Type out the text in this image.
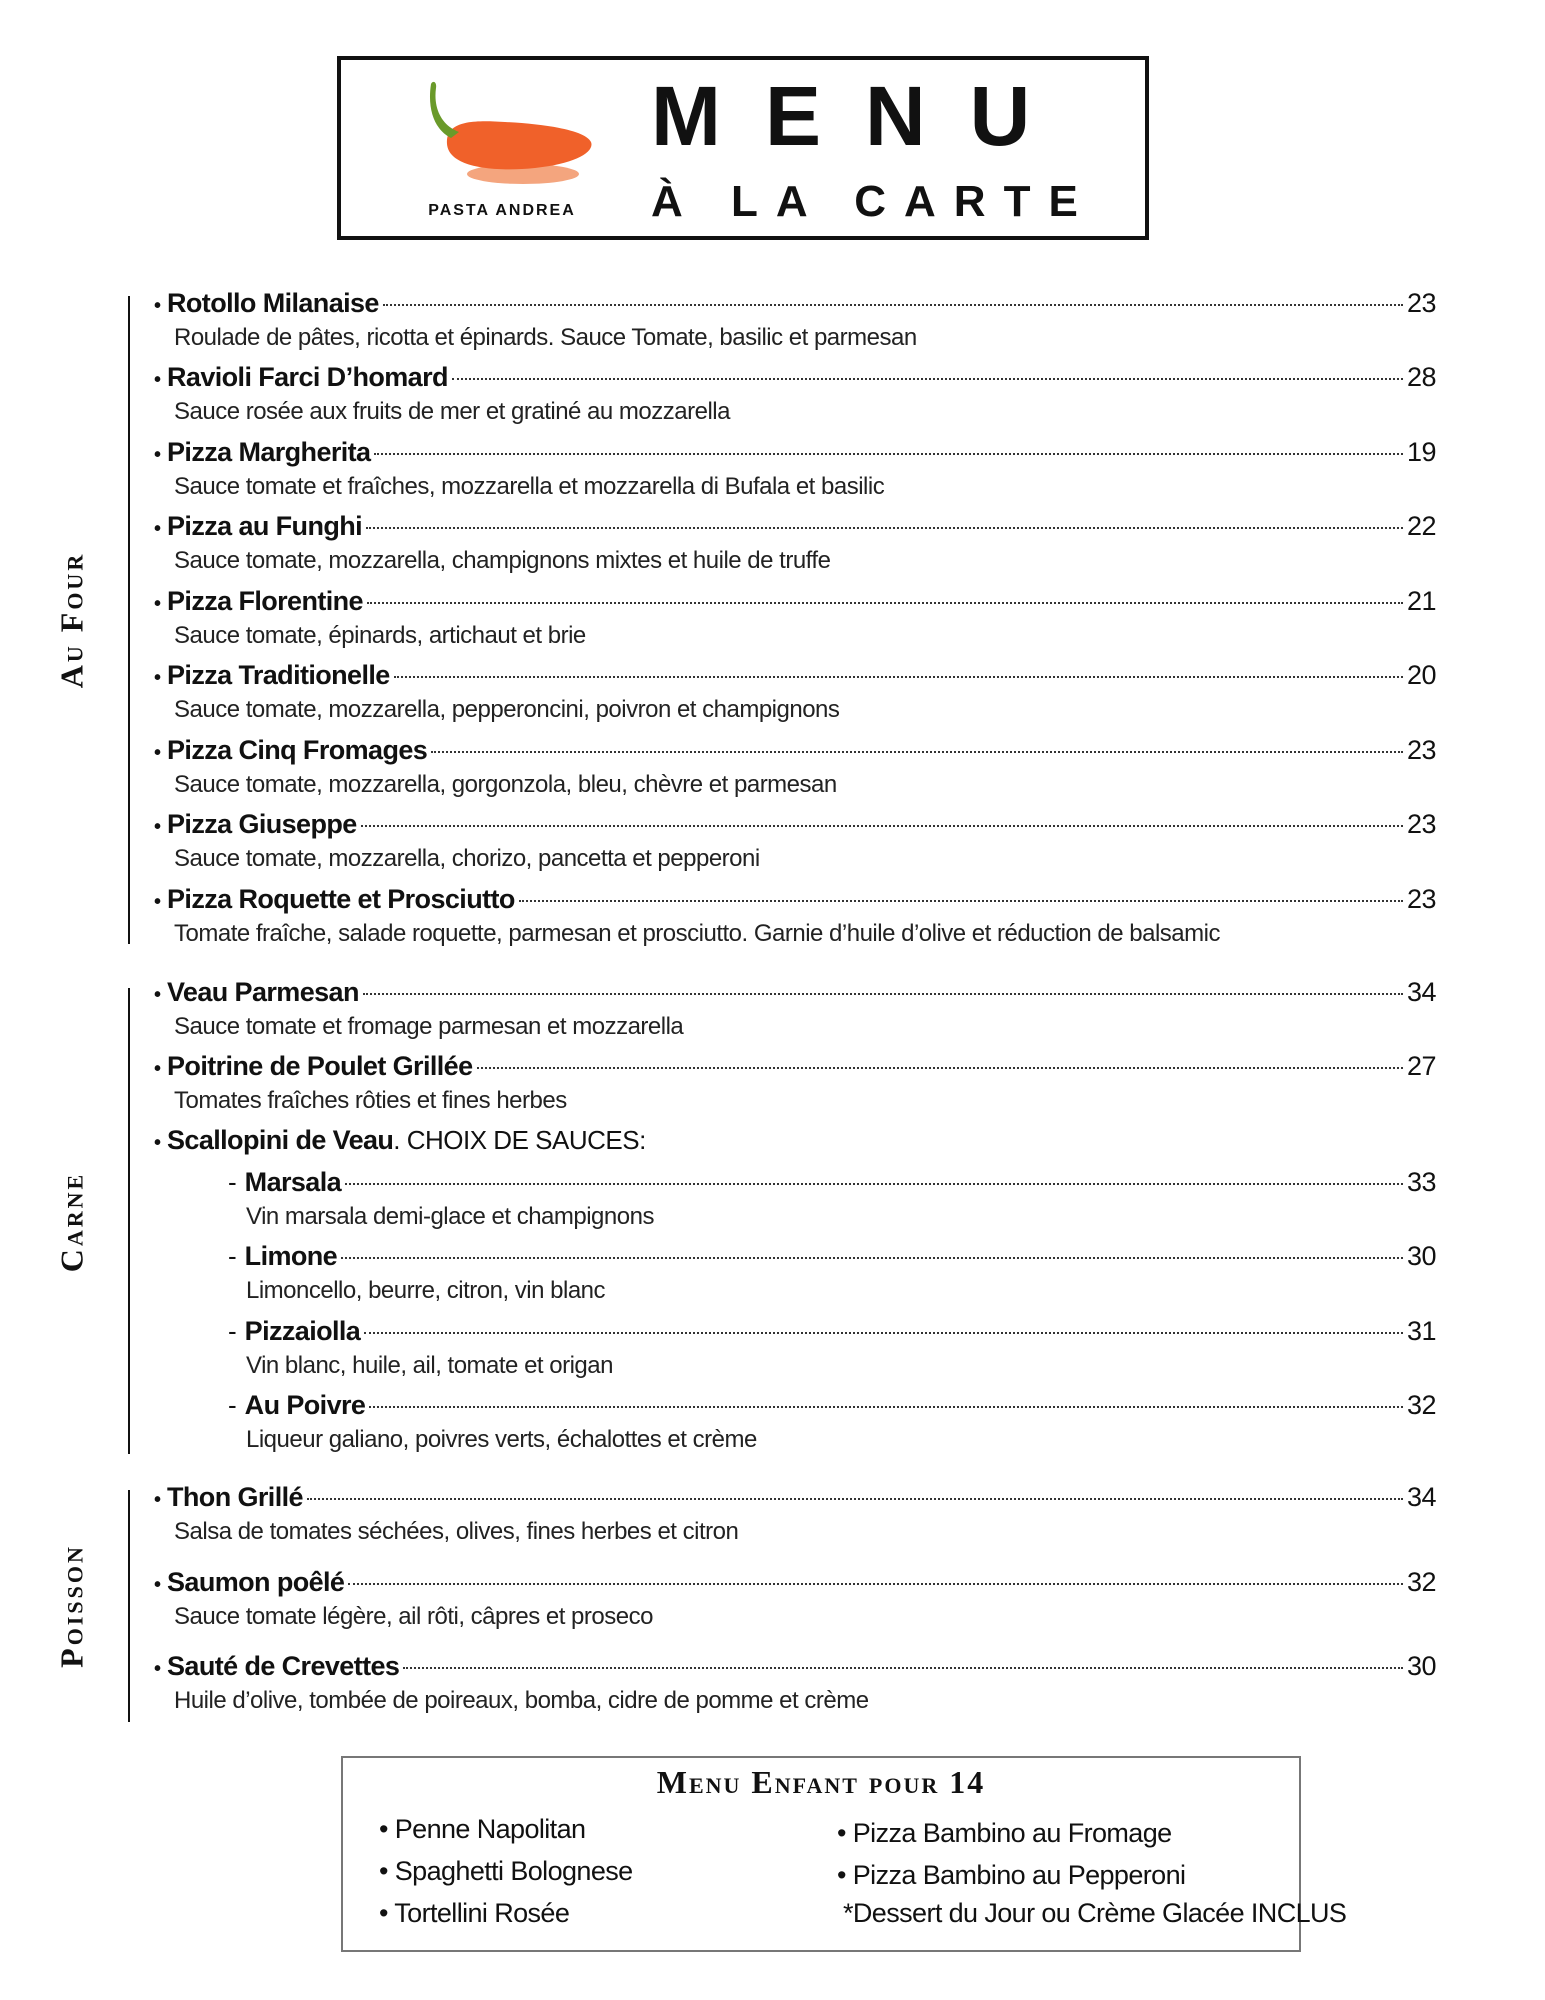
PASTA ANDREA
MENU
À LA CARTE
Au Four
• Rotollo Milanaise	23
Roulade de pâtes, ricotta et épinards. Sauce Tomate, basilic et parmesan
• Ravioli Farci D’homard	28
Sauce rosée aux fruits de mer et gratiné au mozzarella
• Pizza Margherita	19
Sauce tomate et fraîches, mozzarella et mozzarella di Bufala et basilic
• Pizza au Funghi	22
Sauce tomate, mozzarella, champignons mixtes et huile de truffe
• Pizza Florentine	21
Sauce tomate, épinards, artichaut et brie
• Pizza Traditionelle	20
Sauce tomate, mozzarella, pepperoncini, poivron et champignons
• Pizza Cinq Fromages	23
Sauce tomate, mozzarella, gorgonzola, bleu, chèvre et parmesan
• Pizza Giuseppe	23
Sauce tomate, mozzarella, chorizo, pancetta et pepperoni
• Pizza Roquette et Prosciutto	23
Tomate fraîche, salade roquette, parmesan et prosciutto. Garnie d’huile d’olive et réduction de balsamic
Carne
• Veau Parmesan	34
Sauce tomate et fromage parmesan et mozzarella
• Poitrine de Poulet Grillée	27
Tomates fraîches rôties et fines herbes
• Scallopini de Veau . CHOIX DE SAUCES:
- Marsala	33
Vin marsala demi-glace et champignons
- Limone	30
Limoncello, beurre, citron, vin blanc
- Pizzaiolla	31
Vin blanc, huile, ail, tomate et origan
- Au Poivre	32
Liqueur galiano, poivres verts, échalottes et crème
Poisson
• Thon Grillé	34
Salsa de tomates séchées, olives, fines herbes et citron
• Saumon poêlé	32
Sauce tomate légère, ail rôti, câpres et proseco
• Sauté de Crevettes	30
Huile d’olive, tombée de poireaux, bomba, cidre de pomme et crème
Menu Enfant pour 14
• Penne Napolitan
• Spaghetti Bolognese
• Tortellini Rosée
• Pizza Bambino au Fromage
• Pizza Bambino au Pepperoni
*Dessert du Jour ou Crème Glacée INCLUS
